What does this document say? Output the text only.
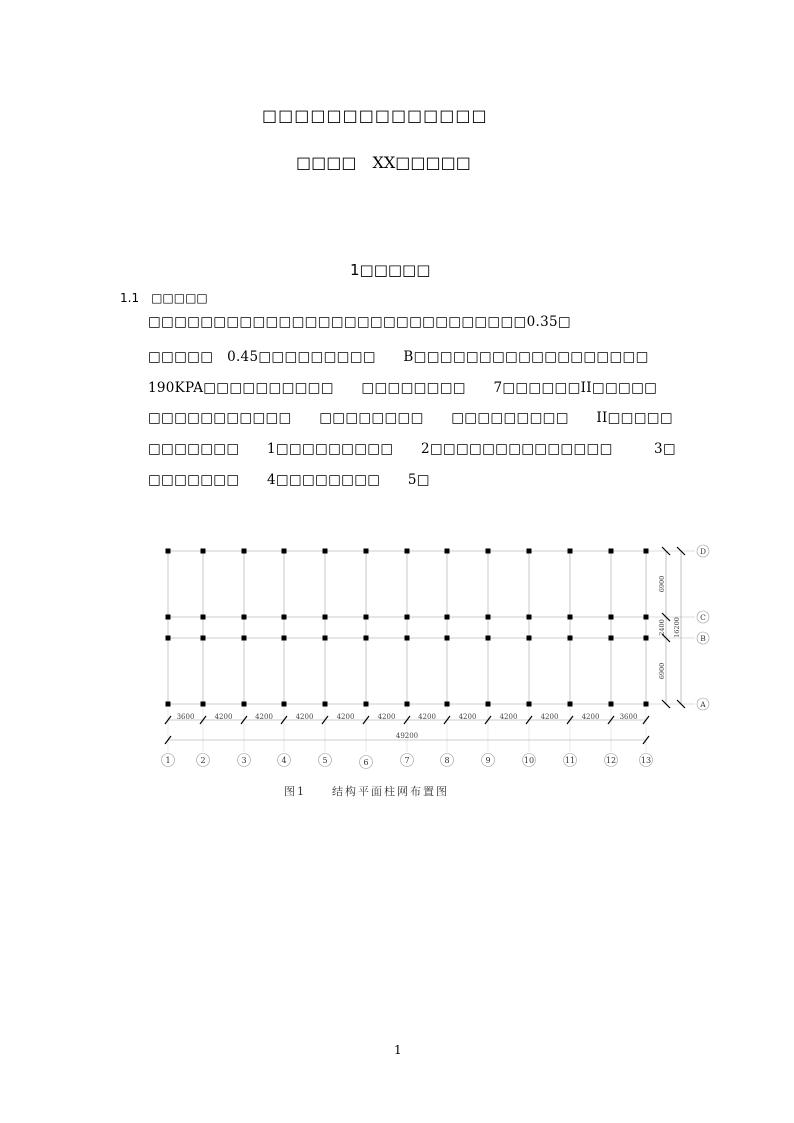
□□□□□□□□□□□□□□
□□□□　XX□□□□□
1□□□□□
1.1　□□□□□
□□□□□□□□□□□□□□□□□□□□□□□□□□□□□0.35□
□□□□□　0.45□□□□□□□□□　　B□□□□□□□□□□□□□□□□□□
190KPA□□□□□□□□□□　　□□□□□□□□　　7□□□□□□II□□□□□
□□□□□□□□□□□　　□□□□□□□□　　□□□□□□□□□　　II□□□□□
□□□□□□□　　1□□□□□□□□□　　2□□□□□□□□□□□□□□　　　3□
□□□□□□□　　4□□□□□□□□　　5□
3600	4200	4200	4200	4200	4200	4200	4200	4200	4200	4200	3600
49200
1	2	3	4	5	6	7	8	9	10	11	12	13
6900
2400
6900
16200
D
C
B
A
图1　　结构平面柱网布置图
1
